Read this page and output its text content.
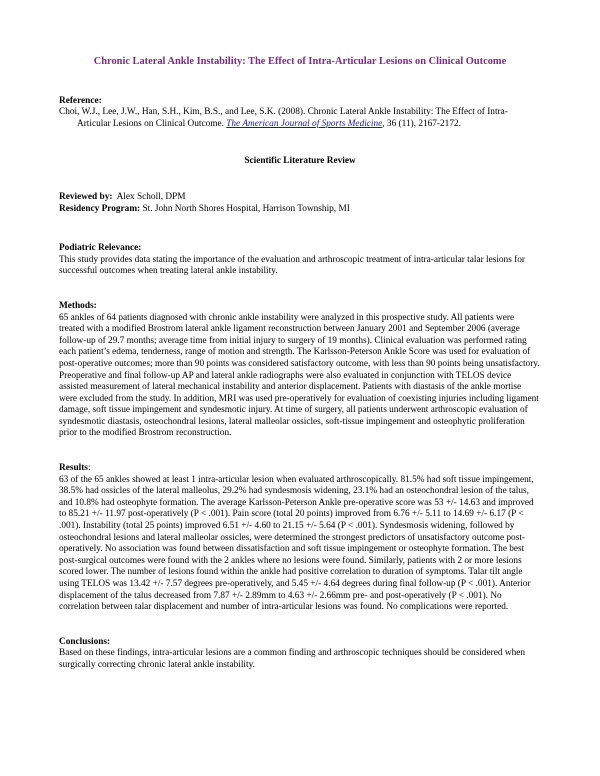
Chronic Lateral Ankle Instability: The Effect of Intra-Articular Lesions on Clinical Outcome

Reference:

Choi, W.J., Lee, J.W., Han, S.H., Kim, B.S., and Lee, S.K. (2008). Chronic Lateral Ankle Instability: The Effect of Intra-Articular Lesions on Clinical Outcome. The American Journal of Sports Medicine, 36 (11), 2167-2172.

Scientific Literature Review

Reviewed by:  Alex Scholl, DPM

Residency Program: St. John North Shores Hospital, Harrison Township, MI

Podiatric Relevance:

This study provides data stating the importance of the evaluation and arthroscopic treatment of intra-articular talar lesions for successful outcomes when treating lateral ankle instability.

Methods:

65 ankles of 64 patients diagnosed with chronic ankle instability were analyzed in this prospective study. All patients were treated with a modified Brostrom lateral ankle ligament reconstruction between January 2001 and September 2006 (average follow-up of 29.7 months; average time from initial injury to surgery of 19 months). Clinical evaluation was performed rating each patient’s edema, tenderness, range of motion and strength. The Karlsson-Peterson Ankle Score was used for evaluation of post-operative outcomes; more than 90 points was considered satisfactory outcome, with less than 90 points being unsatisfactory. Preoperative and final follow-up AP and lateral ankle radiographs were also evaluated in conjunction with TELOS device assisted measurement of lateral mechanical instability and anterior displacement. Patients with diastasis of the ankle mortise were excluded from the study. In addition, MRI was used pre-operatively for evaluation of coexisting injuries including ligament damage, soft tissue impingement and syndesmotic injury. At time of surgery, all patients underwent arthroscopic evaluation of syndesmotic diastasis, osteochondral lesions, lateral malleolar ossicles, soft-tissue impingement and osteophytic proliferation prior to the modified Brostrom reconstruction.

Results:

63 of the 65 ankles showed at least 1 intra-articular lesion when evaluated arthroscopically. 81.5% had soft tissue impingement, 38.5% had ossicles of the lateral malleolus, 29.2% had syndesmosis widening, 23.1% had an osteochondral lesion of the talus, and 10.8% had osteophyte formation. The average Karlsson-Peterson Ankle pre-operative score was 53 +/- 14.63 and improved to 85.21 +/- 11.97 post-operatively (P < .001). Pain score (total 20 points) improved from 6.76 +/- 5.11 to 14.69 +/- 6.17 (P < .001). Instability (total 25 points) improved 6.51 +/- 4.60 to 21.15 +/- 5.64 (P < .001). Syndesmosis widening, followed by osteochondral lesions and lateral malleolar ossicles, were determined the strongest predictors of unsatisfactory outcome post-operatively. No association was found between dissatisfaction and soft tissue impingement or osteophyte formation. The best post-surgical outcomes were found with the 2 ankles where no lesions were found. Similarly, patients with 2 or more lesions scored lower. The number of lesions found within the ankle had positive correlation to duration of symptoms. Talar tilt angle using TELOS was 13.42 +/- 7.57 degrees pre-operatively, and 5.45 +/- 4.64 degrees during final follow-up (P < .001). Anterior displacement of the talus decreased from 7.87 +/- 2.89mm to 4.63 +/- 2.66mm pre- and post-operatively (P < .001). No correlation between talar displacement and number of intra-articular lesions was found. No complications were reported.

Conclusions:

Based on these findings, intra-articular lesions are a common finding and arthroscopic techniques should be considered when surgically correcting chronic lateral ankle instability.
